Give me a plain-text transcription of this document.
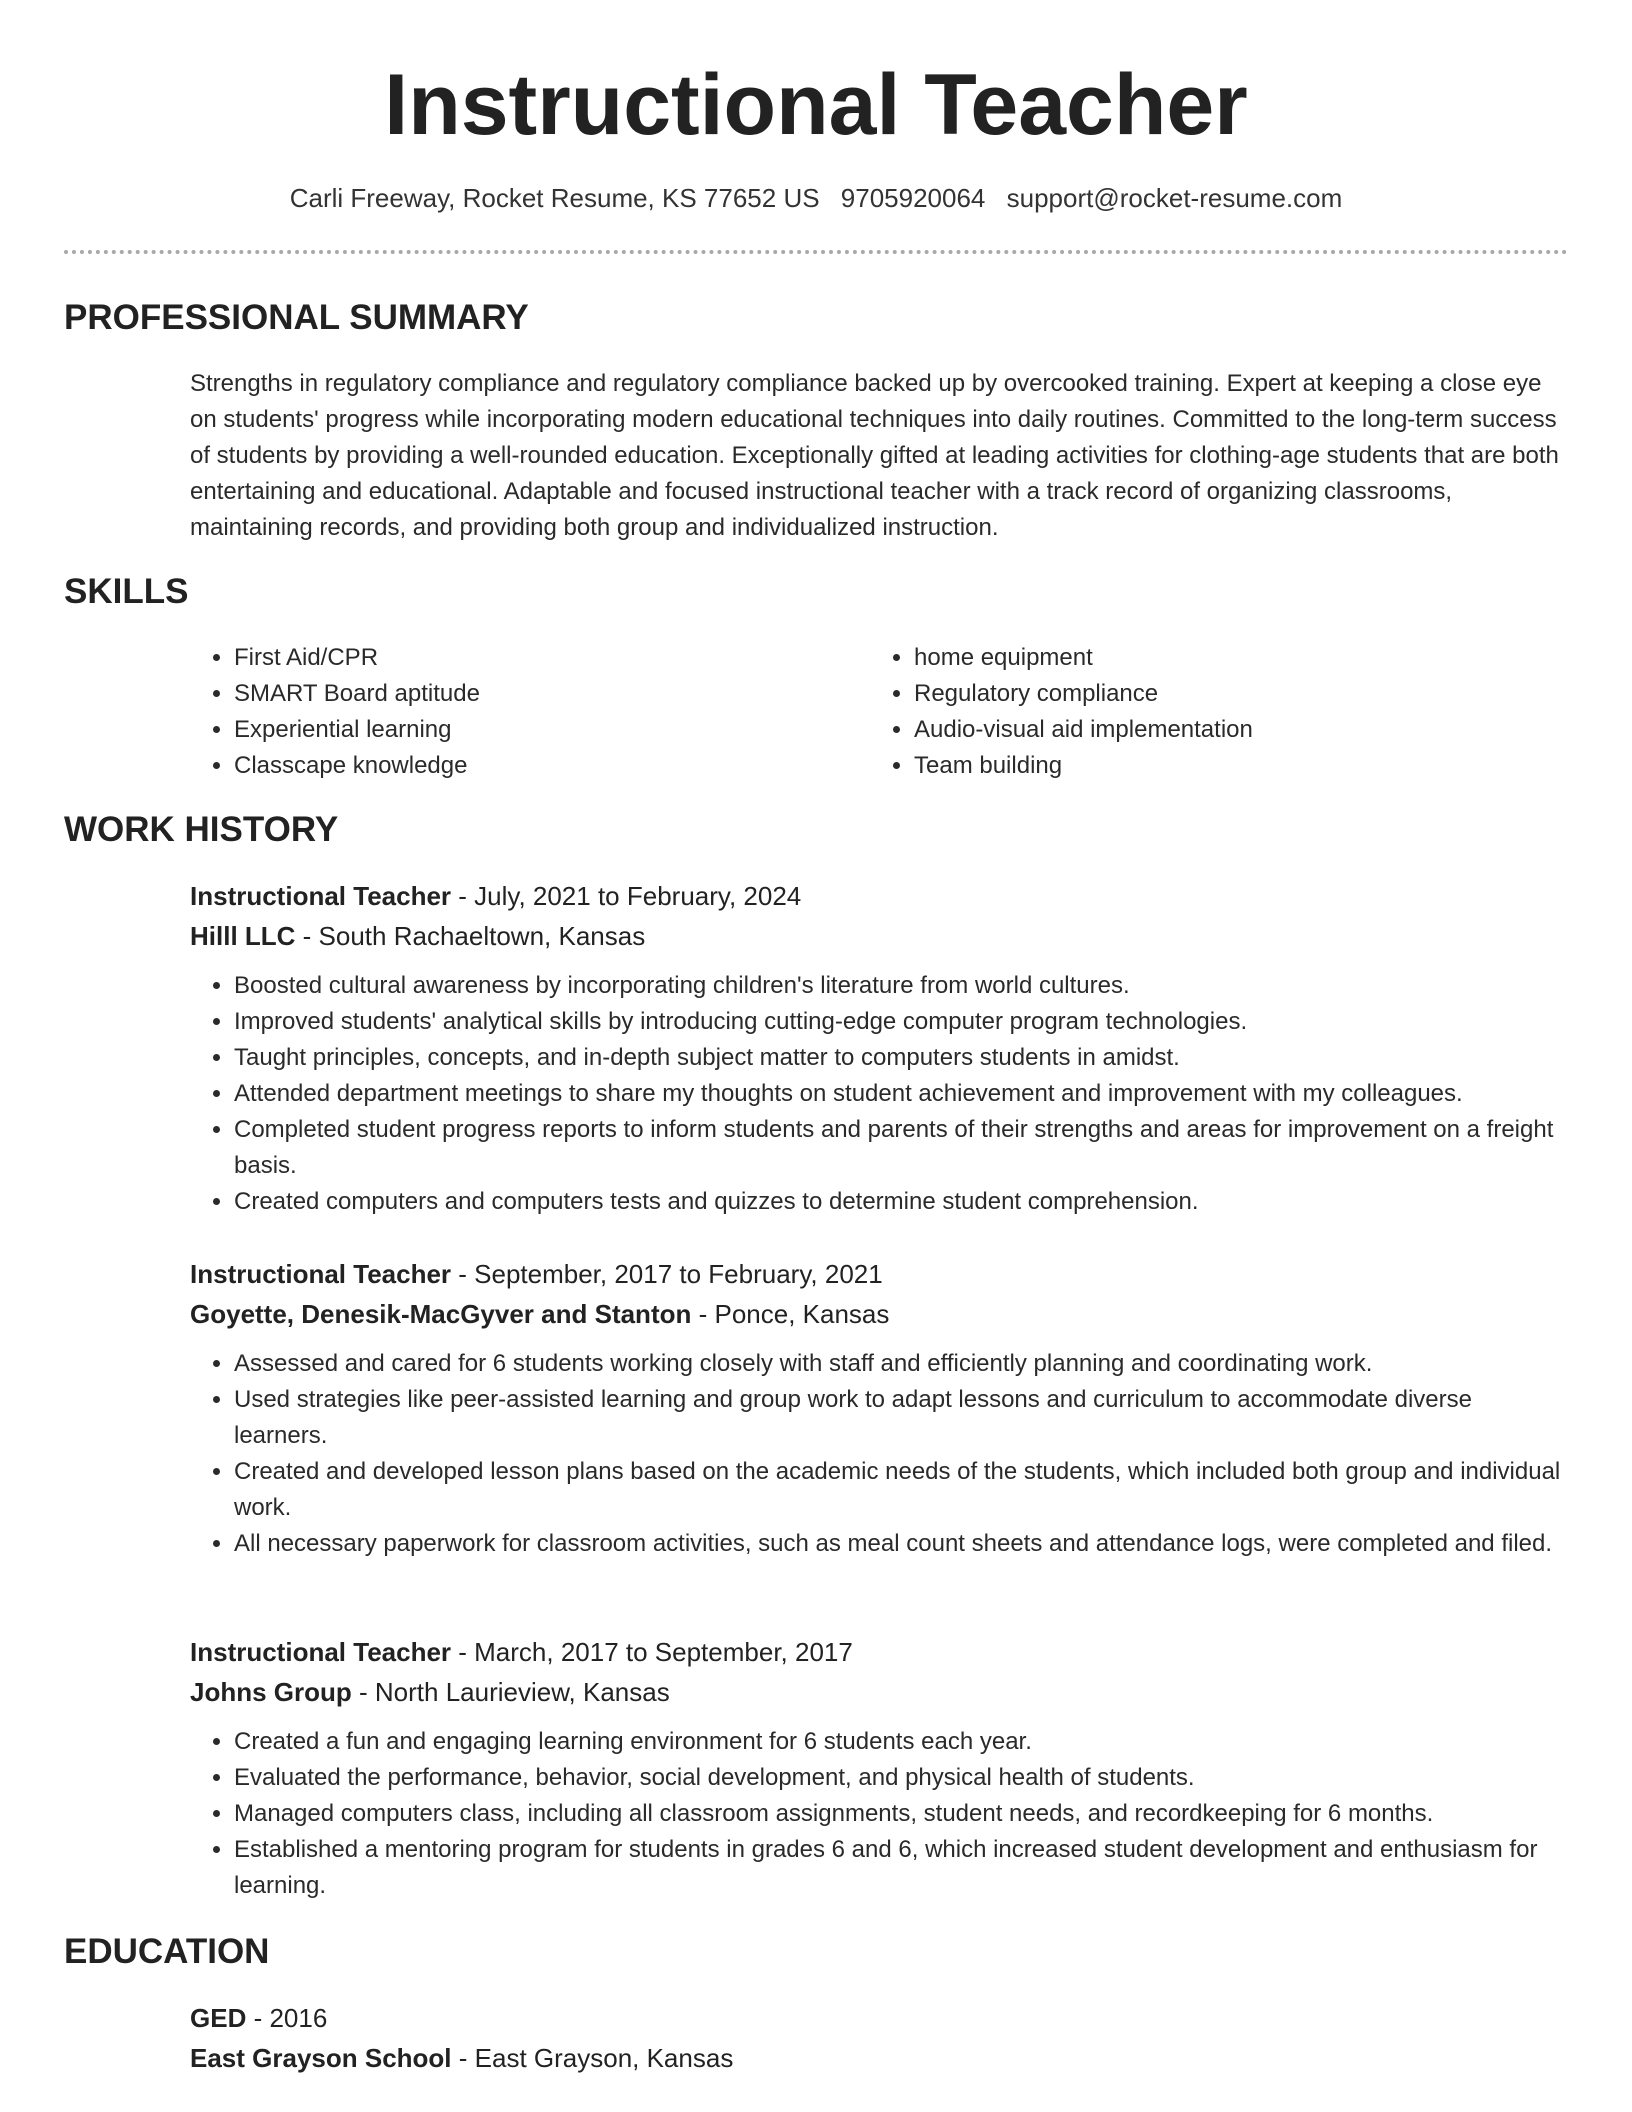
Instructional Teacher
Carli Freeway, Rocket Resume, KS 77652 US 9705920064 support@rocket-resume.com
PROFESSIONAL SUMMARY

Strengths in regulatory compliance and regulatory compliance backed up by overcooked training. Expert at keeping a close eye on students' progress while incorporating modern educational techniques into daily routines. Committed to the long-term success of students by providing a well-rounded education. Exceptionally gifted at leading activities for clothing-age students that are both entertaining and educational. Adaptable and focused instructional teacher with a track record of organizing classrooms, maintaining records, and providing both group and individualized instruction.

SKILLS
• First Aid/CPR
• SMART Board aptitude
• Experiential learning
• Classcape knowledge
• home equipment
• Regulatory compliance
• Audio-visual aid implementation
• Team building
WORK HISTORY
Instructional Teacher - July, 2021 to February, 2024
Hilll LLC - South Rachaeltown, Kansas
• Boosted cultural awareness by incorporating children's literature from world cultures.
• Improved students' analytical skills by introducing cutting-edge computer program technologies.
• Taught principles, concepts, and in-depth subject matter to computers students in amidst.
• Attended department meetings to share my thoughts on student achievement and improvement with my colleagues.
• Completed student progress reports to inform students and parents of their strengths and areas for improvement on a freight basis.
• Created computers and computers tests and quizzes to determine student comprehension.
Instructional Teacher - September, 2017 to February, 2021
Goyette, Denesik-MacGyver and Stanton - Ponce, Kansas
• Assessed and cared for 6 students working closely with staff and efficiently planning and coordinating work.
• Used strategies like peer-assisted learning and group work to adapt lessons and curriculum to accommodate diverse learners.
• Created and developed lesson plans based on the academic needs of the students, which included both group and individual work.
• All necessary paperwork for classroom activities, such as meal count sheets and attendance logs, were completed and filed.
Instructional Teacher - March, 2017 to September, 2017
Johns Group - North Laurieview, Kansas
• Created a fun and engaging learning environment for 6 students each year.
• Evaluated the performance, behavior, social development, and physical health of students.
• Managed computers class, including all classroom assignments, student needs, and recordkeeping for 6 months.
• Established a mentoring program for students in grades 6 and 6, which increased student development and enthusiasm for learning.
EDUCATION
GED - 2016
East Grayson School - East Grayson, Kansas
